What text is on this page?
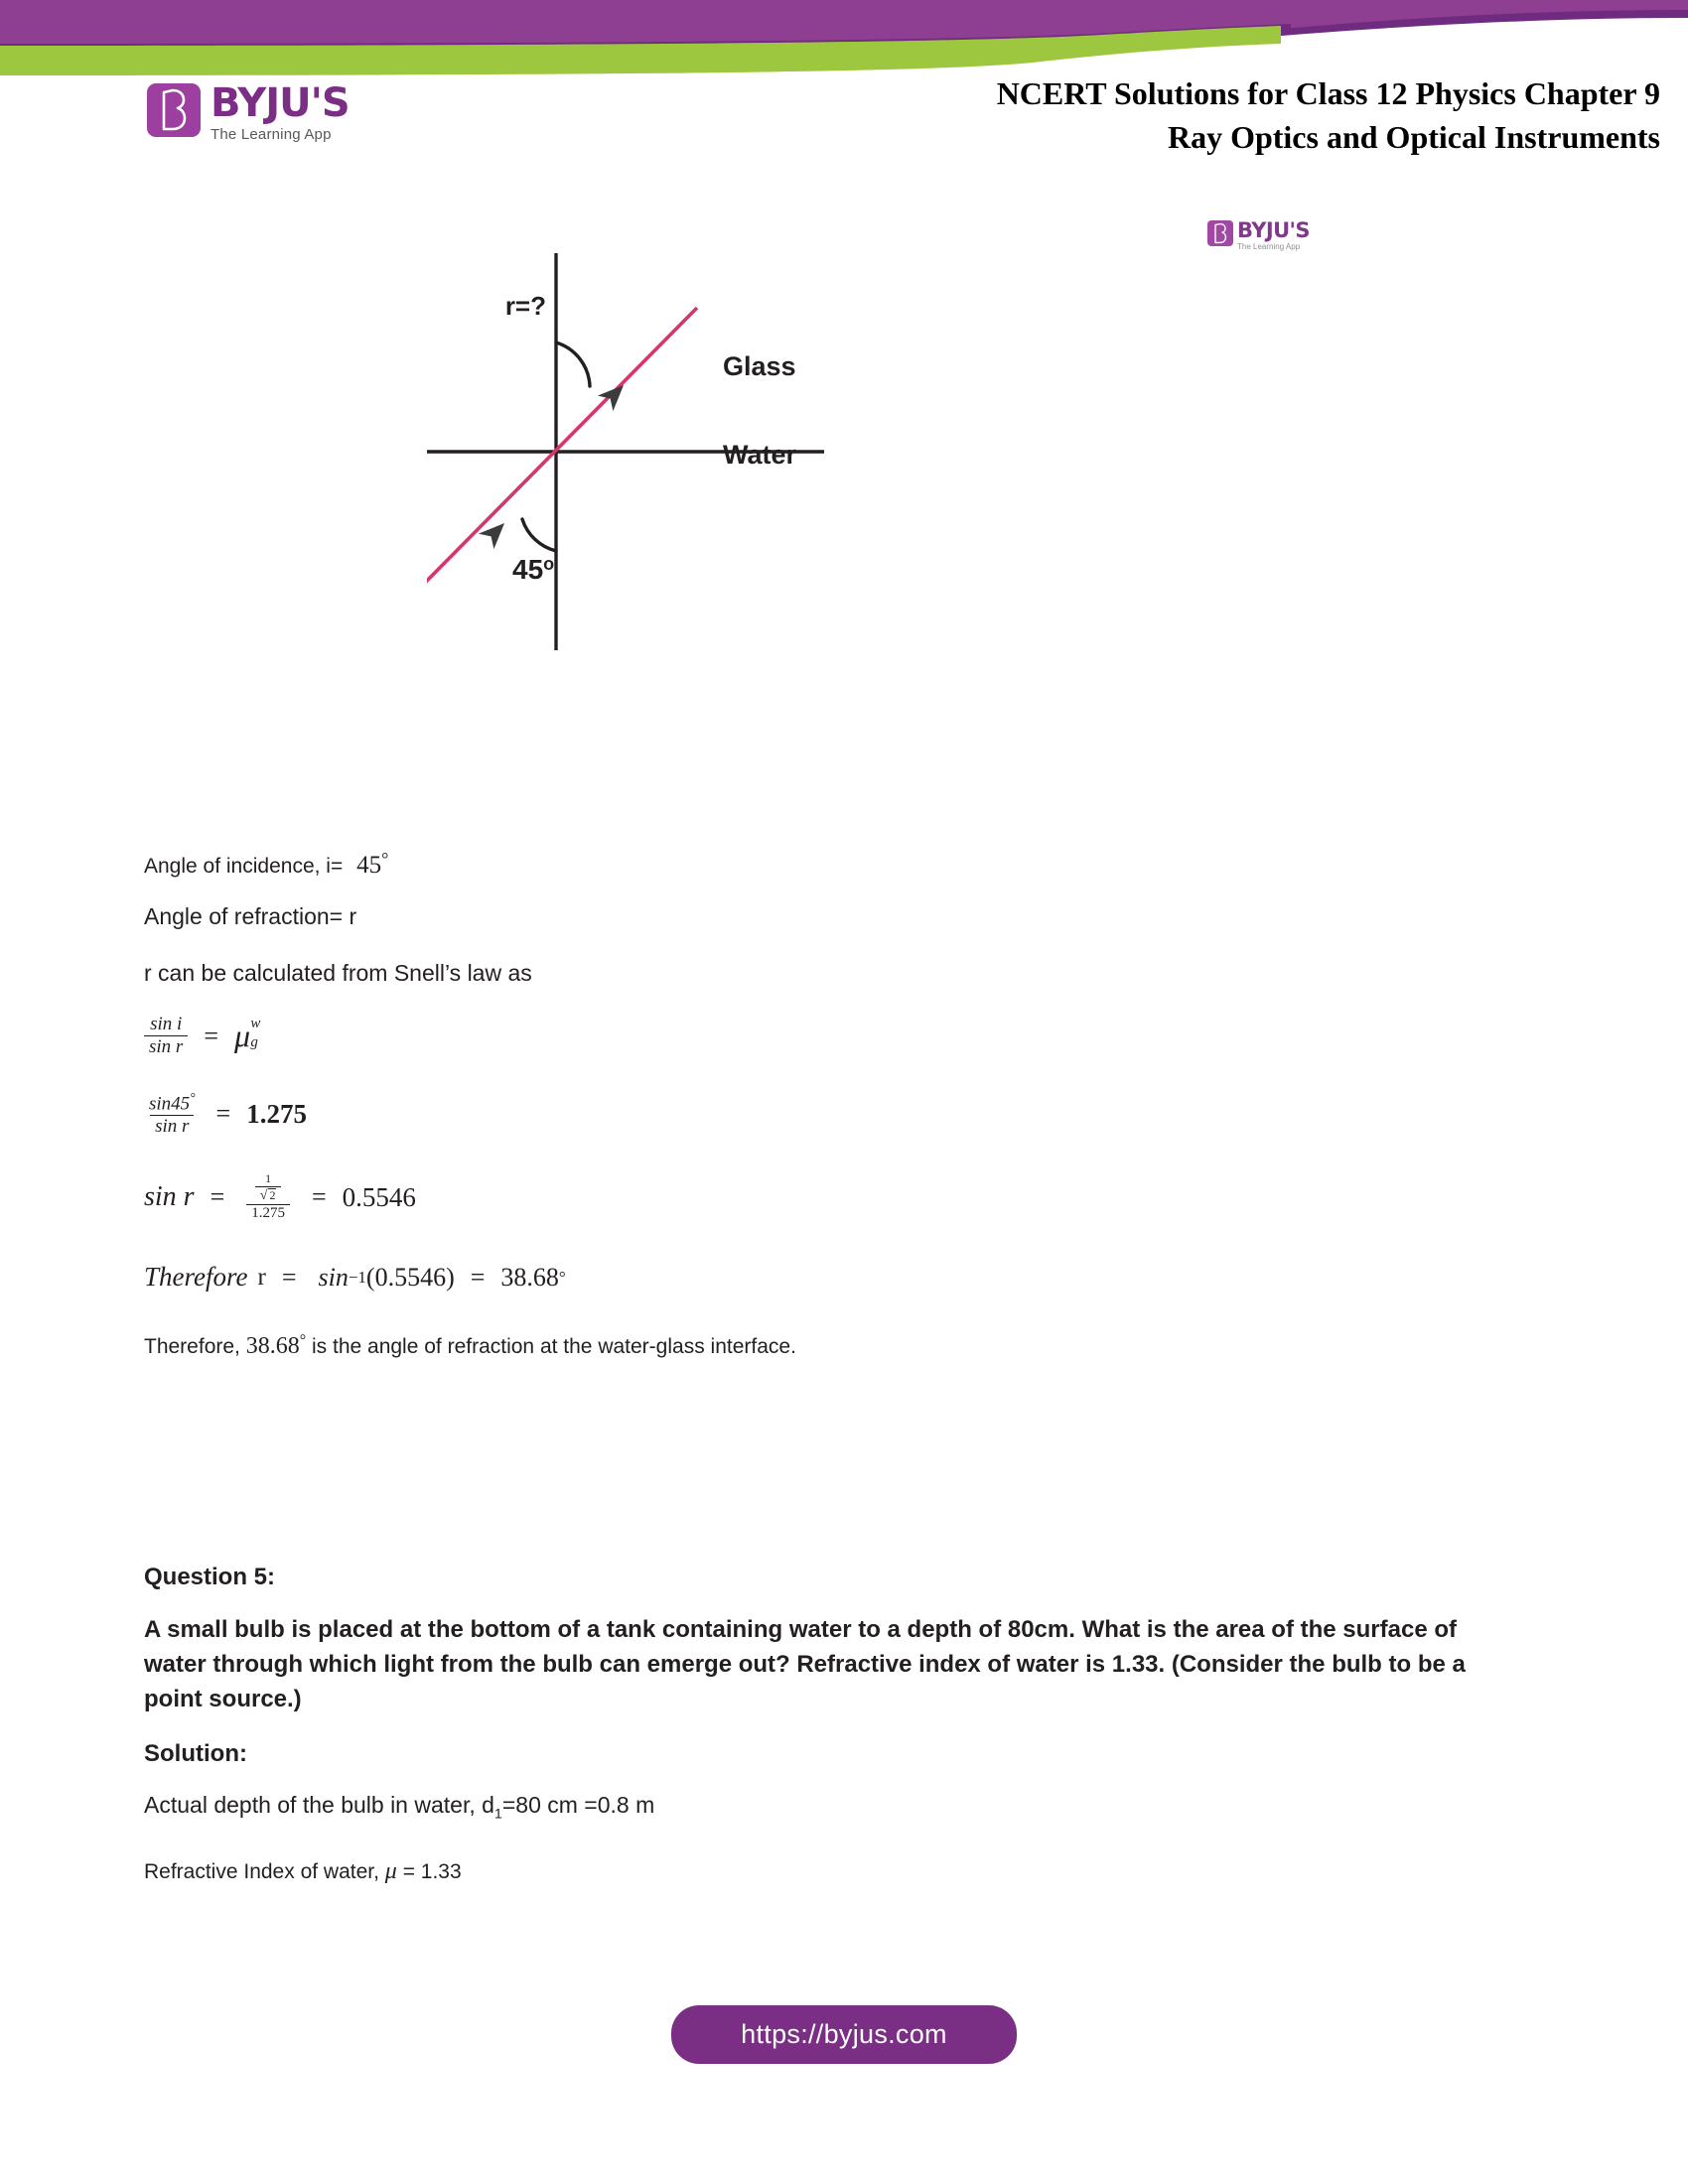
BYJU'S
The Learning App
NCERT Solutions for Class 12 Physics Chapter 9
Ray Optics and Optical Instruments
BYJU'S
The Learning App
r=?
45$^o$
Glass
Water

Angle of incidence, i= 45°

Angle of refraction= r

r can be calculated from Snell’s law as

$\frac{\text{sin i}}{\text{sin r}} = \mu$ w
g
$\frac{\sin 45^\circ}{\text{sin r}} = 1.275$
$\sin r = \frac{\frac{1}{√ 2}}{1.275} = 0.5546$
Therefore r = sin −1 (0.5546) = 38.68 °

Therefore, 38.68° is the angle of refraction at the water-glass interface.

Question 5:

A small bulb is placed at the bottom of a tank containing water to a depth of 80cm. What is the area of the surface of water through which light from the bulb can emerge out? Refractive index of water is 1.33. (Consider the bulb to be a point source.)

Solution:

Actual depth of the bulb in water, $d_1=80$ cm =0.8 m

Refractive Index of water, μ = 1.33

https://byjus.com
